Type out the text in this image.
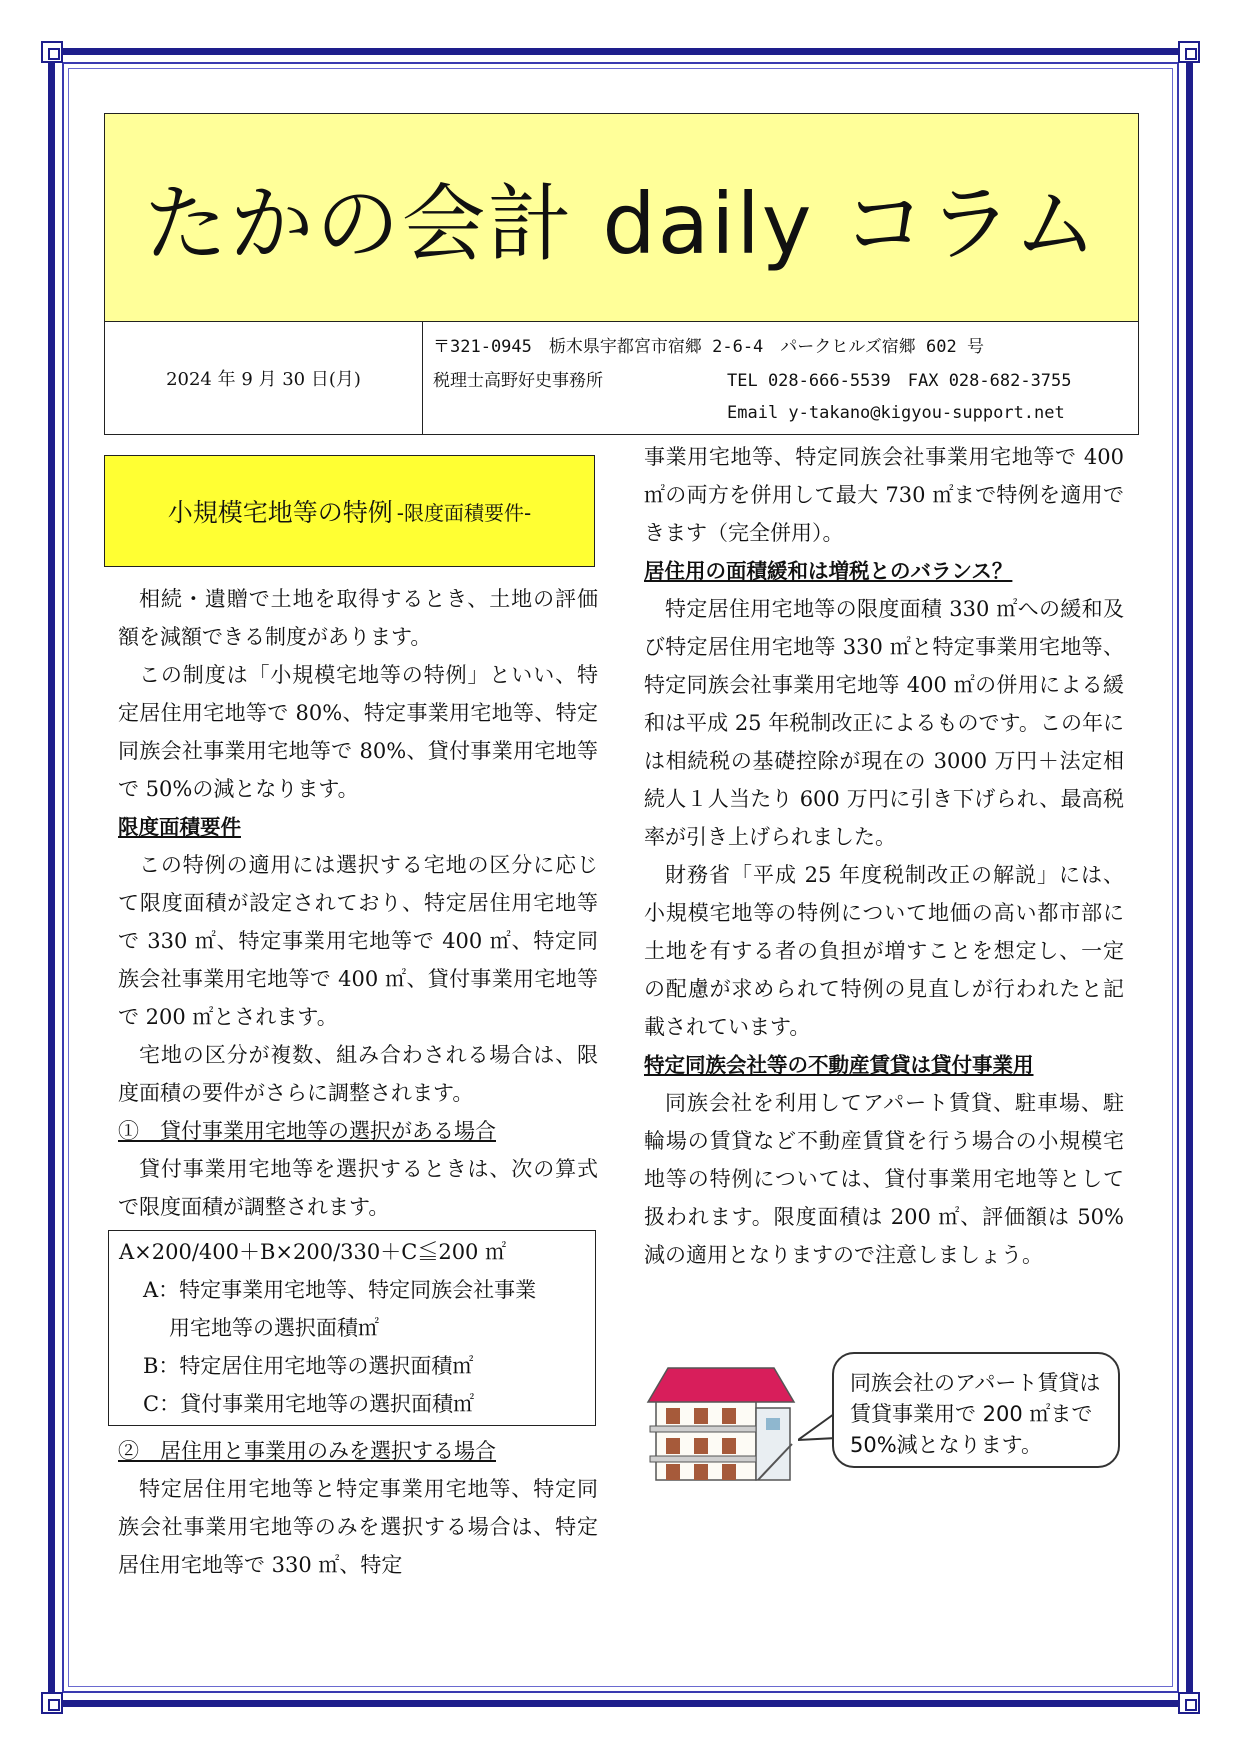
たかの会計 daily コラム
2024 年 9 月 30 日(月)
〒321-0945　栃木県宇都宮市宿郷 2-6-4　パークヒルズ宿郷 602 号
税理士高野好史事務所	TEL 028-666-5539　FAX 028-682-3755
Email y-takano@kigyou-support.net
小規模宅地等の特例 -限度面積要件-

相続・遺贈で土地を取得するとき、土地の評価額を減額できる制度があります。

この制度は「小規模宅地等の特例」といい、特定居住用宅地等で 80%、特定事業用宅地等、特定同族会社事業用宅地等で 80%、貸付事業用宅地等で 50%の減となります。

限度面積要件

この特例の適用には選択する宅地の区分に応じて限度面積が設定されており、特定居住用宅地等で 330 ㎡、特定事業用宅地等で 400 ㎡、特定同族会社事業用宅地等で 400 ㎡、貸付事業用宅地等で 200 ㎡とされます。

宅地の区分が複数、組み合わされる場合は、限度面積の要件がさらに調整されます。

①　貸付事業用宅地等の選択がある場合

貸付事業用宅地等を選択するときは、次の算式で限度面積が調整されます。

A×200/400＋B×200/330＋C≦200 ㎡
A：特定事業用宅地等、特定同族会社事業
用宅地等の選択面積㎡
B：特定居住用宅地等の選択面積㎡
C：貸付事業用宅地等の選択面積㎡

②　居住用と事業用のみを選択する場合

特定居住用宅地等と特定事業用宅地等、特定同族会社事業用宅地等のみを選択する場合は、特定居住用宅地等で 330 ㎡、特定

事業用宅地等、特定同族会社事業用宅地等で 400 ㎡の両方を併用して最大 730 ㎡まで特例を適用できます（完全併用）。

居住用の面積緩和は増税とのバランス？

特定居住用宅地等の限度面積 330 ㎡への緩和及び特定居住用宅地等 330 ㎡と特定事業用宅地等、特定同族会社事業用宅地等 400 ㎡の併用による緩和は平成 25 年税制改正によるものです。この年には相続税の基礎控除が現在の 3000 万円＋法定相続人１人当たり 600 万円に引き下げられ、最高税率が引き上げられました。

財務省「平成 25 年度税制改正の解説」には、小規模宅地等の特例について地価の高い都市部に土地を有する者の負担が増すことを想定し、一定の配慮が求められて特例の見直しが行われたと記載されています。

特定同族会社等の不動産賃貸は貸付事業用

同族会社を利用してアパート賃貸、駐車場、駐輪場の賃貸など不動産賃貸を行う場合の小規模宅地等の特例については、貸付事業用宅地等として扱われます。限度面積は 200 ㎡、評価額は 50%減の適用となりますので注意しましょう。

同族会社のアパート賃貸は賃貸事業用で 200 ㎡まで 50%減となります。
